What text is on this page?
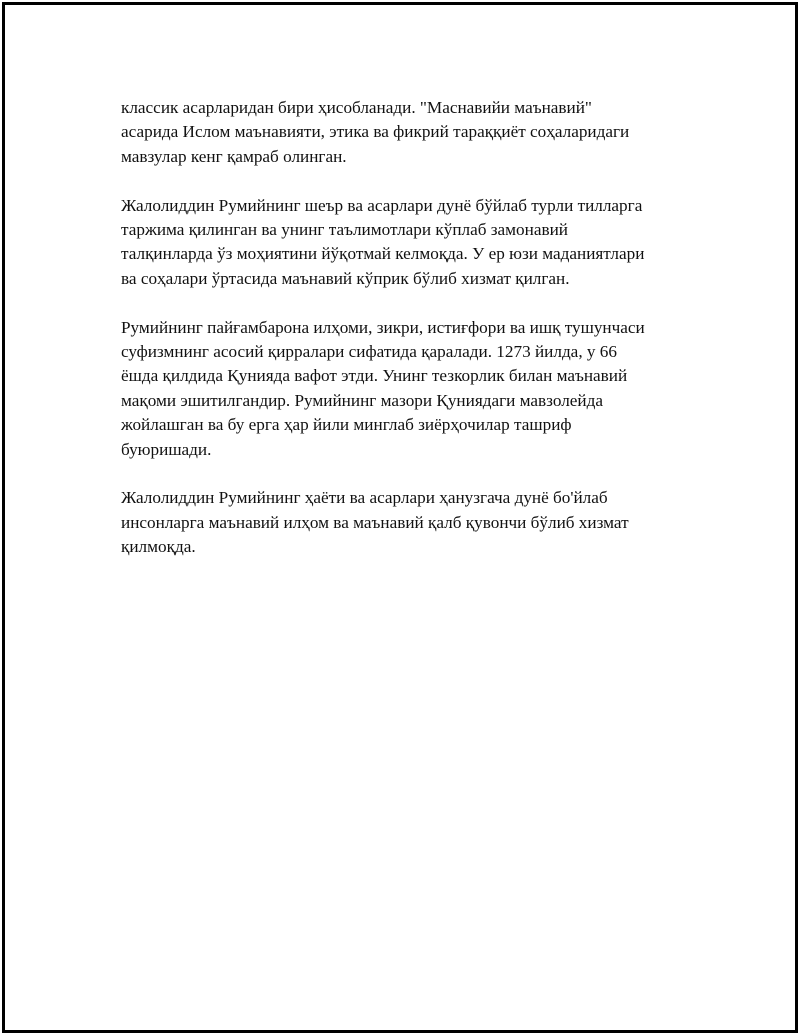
классик асарларидан бири ҳисобланади. "Маснавийи маънавий"
асарида Ислом маънавияти, этика ва фикрий тараққиёт соҳаларидаги
мавзулар кенг қамраб олинган.

Жалолиддин Румийнинг шеър ва асарлари дунё бўйлаб турли тилларга
таржима қилинган ва унинг таълимотлари кўплаб замонавий
талқинларда ўз моҳиятини йўқотмай келмоқда. У ер юзи маданиятлари
ва соҳалари ўртасида маънавий кўприк бўлиб хизмат қилган.

Румийнинг пайғамбарона илҳоми, зикри, истиғфори ва ишқ тушунчаси
суфизмнинг асосий қирралари сифатида қаралади. 1273 йилда, у 66
ёшда қилдида Қунияда вафот этди. Унинг тезкорлик билан маънавий
мақоми эшитилгандир. Румийнинг мазори Қуниядаги мавзолейда
жойлашган ва бу ерга ҳар йили минглаб зиёрҳочилар ташриф
буюришади.

Жалолиддин Румийнинг ҳаёти ва асарлари ҳанузгача дунё бо'йлаб
инсонларга маънавий илҳом ва маънавий қалб қувончи бўлиб хизмат
қилмоқда.
